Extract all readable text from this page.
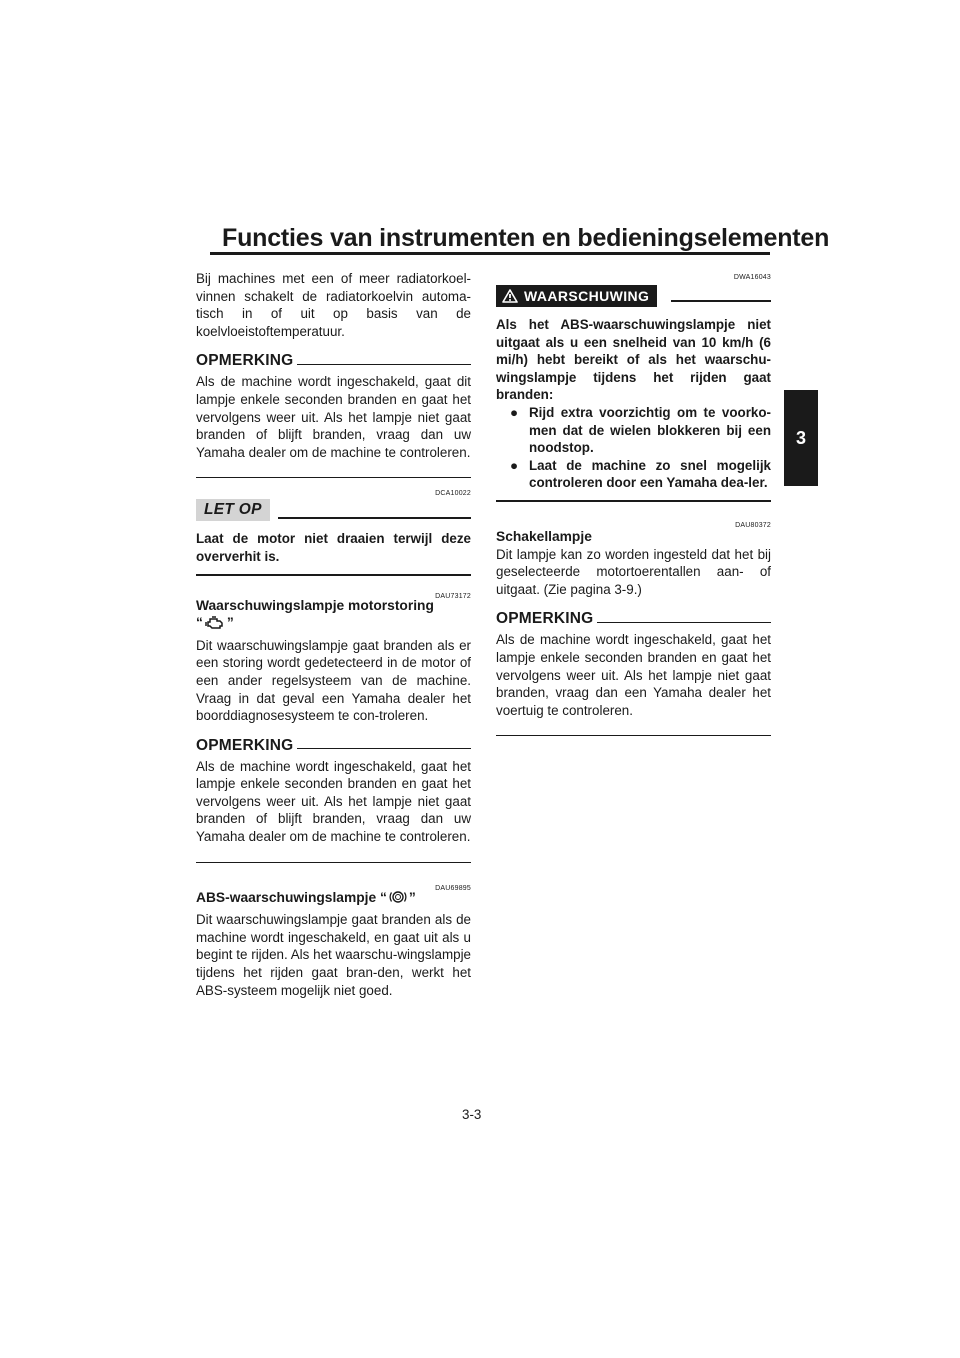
Functies van instrumenten en bedieningselementen
3

Bij machines met een of meer radiatorkoel-vinnen schakelt de radiatorkoelvin automa-tisch in of uit op basis van de koelvloeistoftemperatuur.

OPMERKING

Als de machine wordt ingeschakeld, gaat dit lampje enkele seconden branden en gaat het vervolgens weer uit. Als het lampje niet gaat branden of blijft branden, vraag dan uw Yamaha dealer om de machine te controleren.

DCA10022
LET OP

Laat de motor niet draaien terwijl deze oververhit is.

DAU73172
Waarschuwingslampje motorstoring
“ ”

Dit waarschuwingslampje gaat branden als er een storing wordt gedetecteerd in de motor of een ander regelsysteem van de machine. Vraag in dat geval een Yamaha dealer het boorddiagnosesysteem te con-troleren.

OPMERKING

Als de machine wordt ingeschakeld, gaat het lampje enkele seconden branden en gaat het vervolgens weer uit. Als het lampje niet gaat branden of blijft branden, vraag dan uw Yamaha dealer om de machine te controleren.

DAU69895
ABS-waarschuwingslampje “ ”

Dit waarschuwingslampje gaat branden als de machine wordt ingeschakeld, en gaat uit als u begint te rijden. Als het waarschu-wingslampje tijdens het rijden gaat bran-den, werkt het ABS-systeem mogelijk niet goed.

DWA16043
WAARSCHUWING

Als het ABS-waarschuwingslampje niet uitgaat als u een snelheid van 10 km/h (6 mi/h) hebt bereikt of als het waarschu-wingslampje tijdens het rijden gaat branden:

● Rijd extra voorzichtig om te voorko-men dat de wielen blokkeren bij een noodstop.
● Laat de machine zo snel mogelijk controleren door een Yamaha dea-ler.
DAU80372
Schakellampje

Dit lampje kan zo worden ingesteld dat het bij geselecteerde motortoerentallen aan- of uitgaat. (Zie pagina 3-9.)

OPMERKING

Als de machine wordt ingeschakeld, gaat het lampje enkele seconden branden en gaat het vervolgens weer uit. Als het lampje niet gaat branden, vraag dan een Yamaha dealer het voertuig te controleren.

3-3
